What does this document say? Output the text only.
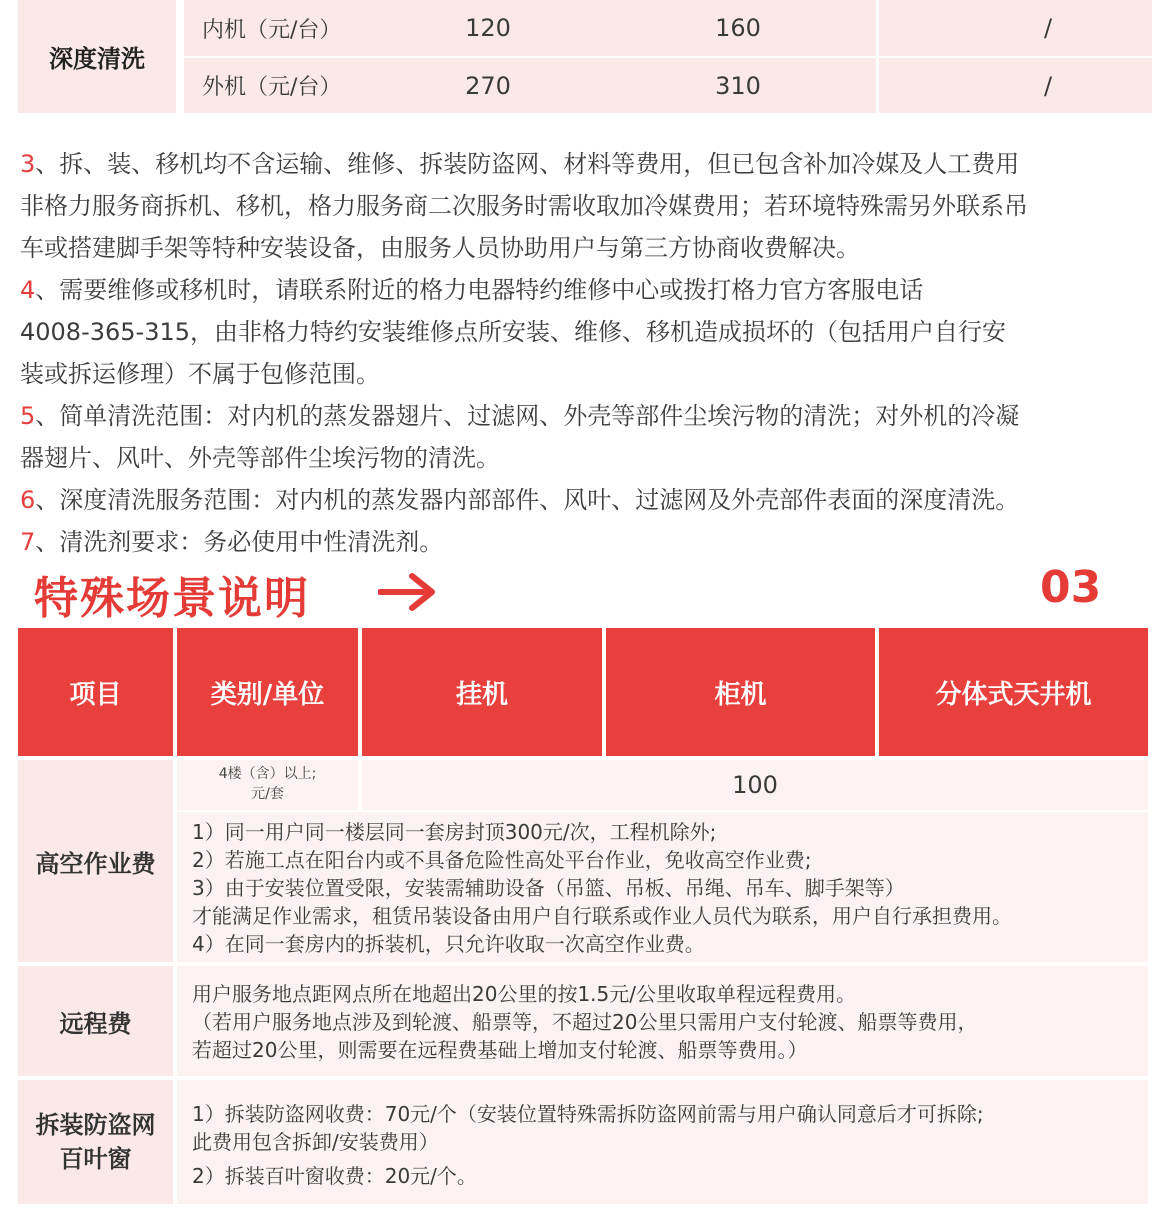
深度清洗
内机（元/台）	120	160	/
外机（元/台）	270	310	/
3、拆、装、移机均不含运输、维修、拆装防盗网、材料等费用，但已包含补加冷媒及人工费用
非格力服务商拆机、移机，格力服务商二次服务时需收取加冷媒费用；若环境特殊需另外联系吊
车或搭建脚手架等特种安装设备，由服务人员协助用户与第三方协商收费解决。
4、需要维修或移机时，请联系附近的格力电器特约维修中心或拨打格力官方客服电话
4008-365-315，由非格力特约安装维修点所安装、维修、移机造成损坏的（包括用户自行安
装或拆运修理）不属于包修范围。
5、简单清洗范围：对内机的蒸发器翅片、过滤网、外壳等部件尘埃污物的清洗；对外机的冷凝
器翅片、风叶、外壳等部件尘埃污物的清洗。
6、深度清洗服务范围：对内机的蒸发器内部部件、风叶、过滤网及外壳部件表面的深度清洗。
7、清洗剂要求：务必使用中性清洗剂。
特殊场景说明	03
项目	类别/单位	挂机	柜机	分体式天井机
高空作业费
4楼（含）以上;
元/套	100
1）同一用户同一楼层同一套房封顶300元/次，工程机除外;
2）若施工点在阳台内或不具备危险性高处平台作业，免收高空作业费;
3）由于安装位置受限，安装需辅助设备（吊篮、吊板、吊绳、吊车、脚手架等）
才能满足作业需求，租赁吊装设备由用户自行联系或作业人员代为联系，用户自行承担费用。
4）在同一套房内的拆装机，只允许收取一次高空作业费。
远程费
用户服务地点距网点所在地超出20公里的按1.5元/公里收取单程远程费用。
（若用户服务地点涉及到轮渡、船票等，不超过20公里只需用户支付轮渡、船票等费用，
若超过20公里，则需要在远程费基础上增加支付轮渡、船票等费用。）
拆装防盗网
百叶窗
1）拆装防盗网收费：70元/个（安装位置特殊需拆防盗网前需与用户确认同意后才可拆除;
此费用包含拆卸/安装费用）
2）拆装百叶窗收费：20元/个。
